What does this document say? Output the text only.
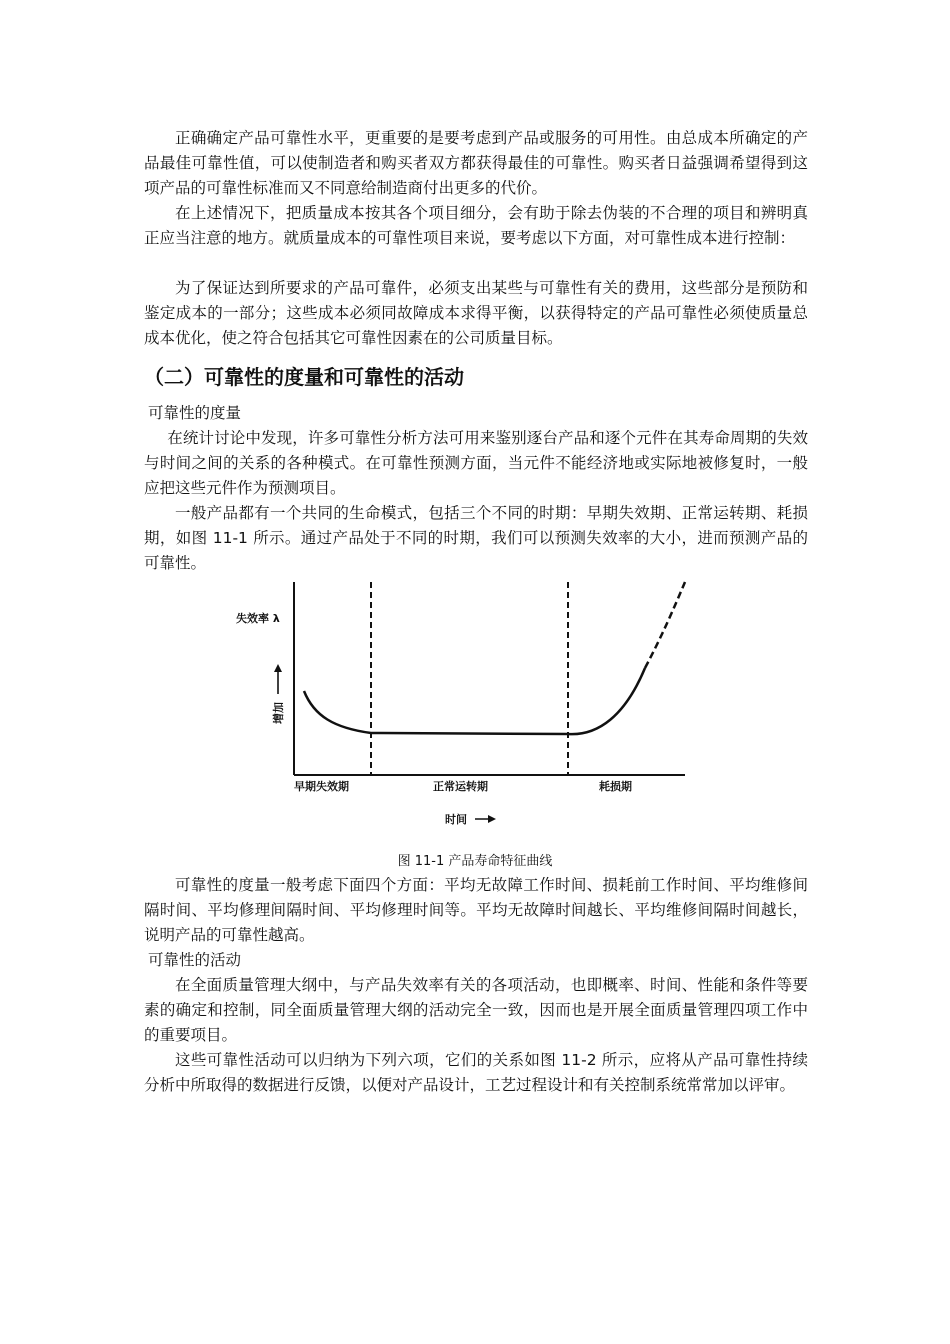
正确确定产品可靠性水平，更重要的是要考虑到产品或服务的可用性。由总成本所确定的产品最佳可靠性值，可以使制造者和购买者双方都获得最佳的可靠性。购买者日益强调希望得到这项产品的可靠性标准而又不同意给制造商付出更多的代价。

在上述情况下，把质量成本按其各个项目细分，会有助于除去伪装的不合理的项目和辨明真正应当注意的地方。就质量成本的可靠性项目来说，要考虑以下方面，对可靠性成本进行控制：

为了保证达到所要求的产品可靠件，必须支出某些与可靠性有关的费用，这些部分是预防和鉴定成本的一部分；这些成本必须同故障成本求得平衡，以获得特定的产品可靠性必须使质量总成本优化，使之符合包括其它可靠性因素在的公司质量目标。

（二）可靠性的度量和可靠性的活动

可靠性的度量

在统计讨论中发现，许多可靠性分析方法可用来鉴别逐台产品和逐个元件在其寿命周期的失效与时间之间的关系的各种模式。在可靠性预测方面，当元件不能经济地或实际地被修复时，一般应把这些元件作为预测项目。

一般产品都有一个共同的生命模式，包括三个不同的时期：早期失效期、正常运转期、耗损期，如图 11-1 所示。通过产品处于不同的时期，我们可以预测失效率的大小，进而预测产品的可靠性。

失效率 λ
增加
早期失效期	正常运转期	耗损期
时间

图 11-1 产品寿命特征曲线

可靠性的度量一般考虑下面四个方面：平均无故障工作时间、损耗前工作时间、平均维修间隔时间、平均修理间隔时间、平均修理时间等。平均无故障时间越长、平均维修间隔时间越长，说明产品的可靠性越高。

可靠性的活动

在全面质量管理大纲中，与产品失效率有关的各项活动，也即概率、时间、性能和条件等要素的确定和控制，同全面质量管理大纲的活动完全一致，因而也是开展全面质量管理四项工作中的重要项目。

这些可靠性活动可以归纳为下列六项，它们的关系如图 11-2 所示，应将从产品可靠性持续分析中所取得的数据进行反馈，以便对产品设计，工艺过程设计和有关控制系统常常加以评审。
